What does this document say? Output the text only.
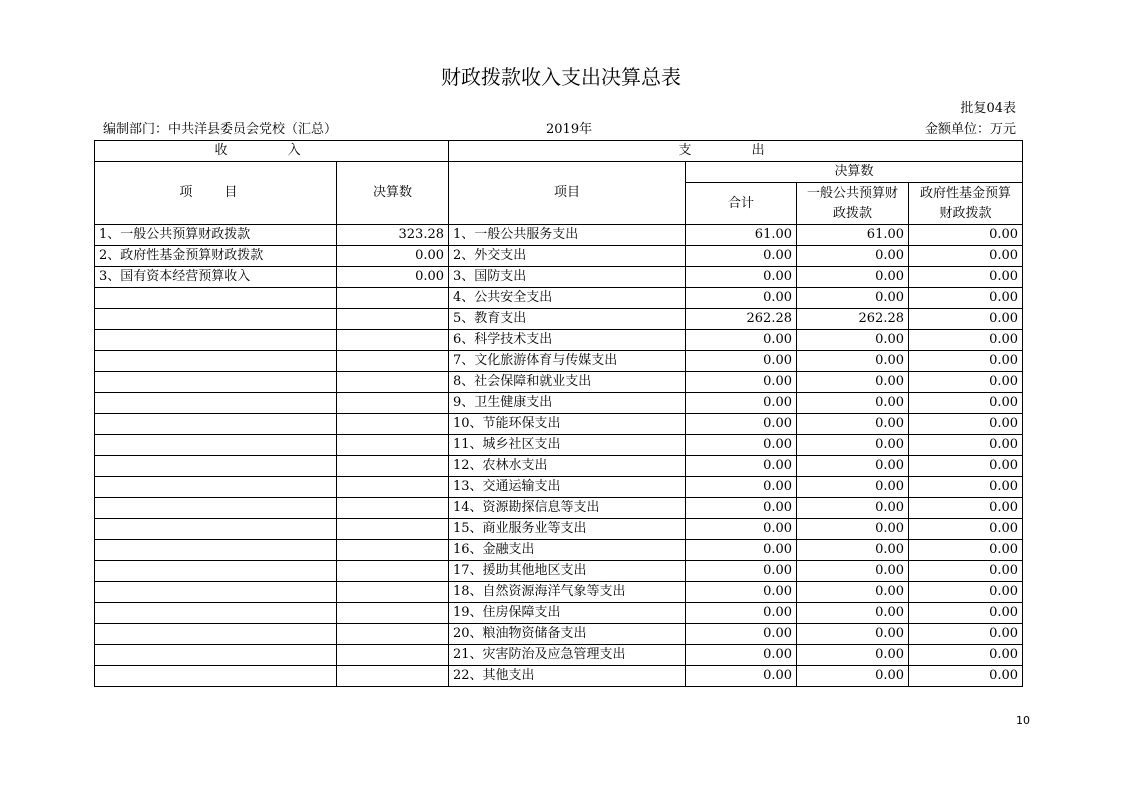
财政拨款收入支出决算总表
批复04表
编制部门：中共洋县委员会党校（汇总）	2019年	金额单位：万元
收 入		支 出			
项 目	决算数	项目	决算数		
			合计	一般公共预算财政拨款	政府性基金预算财政拨款
1、一般公共预算财政拨款	323.28	1、一般公共服务支出	61.00	61.00	0.00
2、政府性基金预算财政拨款	0.00	2、外交支出	0.00	0.00	0.00
3、国有资本经营预算收入	0.00	3、国防支出	0.00	0.00	0.00
		4、公共安全支出	0.00	0.00	0.00
		5、教育支出	262.28	262.28	0.00
		6、科学技术支出	0.00	0.00	0.00
		7、文化旅游体育与传媒支出	0.00	0.00	0.00
		8、社会保障和就业支出	0.00	0.00	0.00
		9、卫生健康支出	0.00	0.00	0.00
		10、节能环保支出	0.00	0.00	0.00
		11、城乡社区支出	0.00	0.00	0.00
		12、农林水支出	0.00	0.00	0.00
		13、交通运输支出	0.00	0.00	0.00
		14、资源勘探信息等支出	0.00	0.00	0.00
		15、商业服务业等支出	0.00	0.00	0.00
		16、金融支出	0.00	0.00	0.00
		17、援助其他地区支出	0.00	0.00	0.00
		18、自然资源海洋气象等支出	0.00	0.00	0.00
		19、住房保障支出	0.00	0.00	0.00
		20、粮油物资储备支出	0.00	0.00	0.00
		21、灾害防治及应急管理支出	0.00	0.00	0.00
		22、其他支出	0.00	0.00	0.00
10
